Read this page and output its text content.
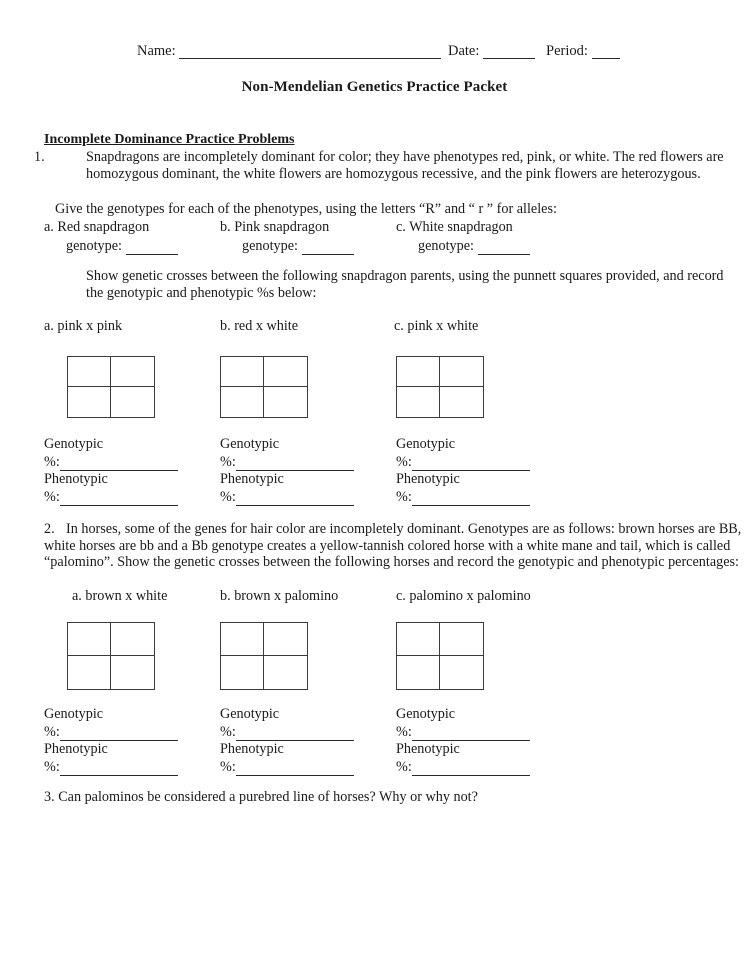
Name:	Date:	Period:
Non-Mendelian Genetics Practice Packet
Incomplete Dominance Practice Problems
1.	Snapdragons are incompletely dominant for color; they have phenotypes red, pink, or white. The red flowers are homozygous dominant, the white flowers are homozygous recessive, and the pink flowers are heterozygous.
Give the genotypes for each of the phenotypes, using the letters “R” and “ r ” for alleles:
a. Red snapdragon
genotype:
b. Pink snapdragon
genotype:
c. White snapdragon
genotype:
Show genetic crosses between the following snapdragon parents, using the punnett squares provided, and record the genotypic and phenotypic %s below:
a. pink x pink	b. red x white	c. pink x white
Genotypic
%:
Phenotypic
%:
Genotypic
%:
Phenotypic
%:
Genotypic
%:
Phenotypic
%:
2. In horses, some of the genes for hair color are incompletely dominant. Genotypes are as follows: brown horses are BB, white horses are bb and a Bb genotype creates a yellow-tannish colored horse with a white mane and tail, which is called “palomino”. Show the genetic crosses between the following horses and record the genotypic and phenotypic percentages:
a. brown x white	b. brown x palomino	c. palomino x palomino
Genotypic
%:
Phenotypic
%:
Genotypic
%:
Phenotypic
%:
Genotypic
%:
Phenotypic
%:
3. Can palominos be considered a purebred line of horses? Why or why not?
